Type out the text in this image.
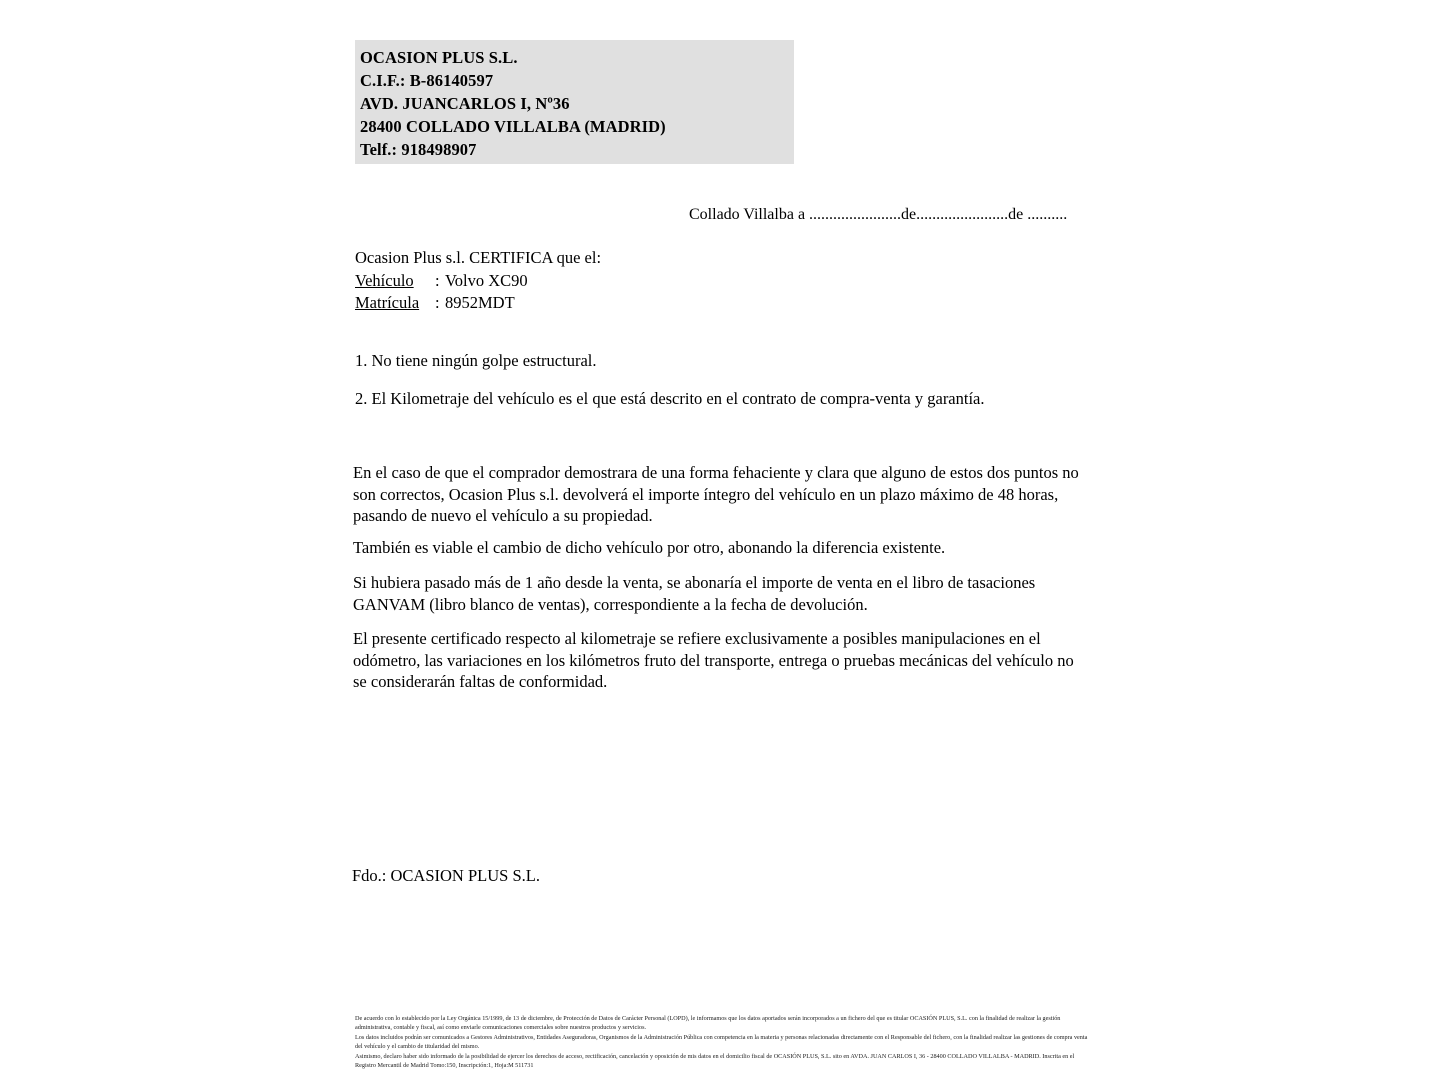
OCASION PLUS S.L.
C.I.F.: B-86140597
AVD. JUANCARLOS I, Nº36
28400 COLLADO VILLALBA (MADRID)
Telf.: 918498907
Collado Villalba a .......................de.......................de ..........
Ocasion Plus s.l. CERTIFICA que el:
Vehículo : Volvo XC90
Matrícula : 8952MDT
1. No tiene ningún golpe estructural.
2. El Kilometraje del vehículo es el que está descrito en el contrato de compra-venta y garantía.
En el caso de que el comprador demostrara de una forma fehaciente y clara que alguno de estos dos puntos no son correctos, Ocasion Plus s.l. devolverá el importe íntegro del vehículo en un plazo máximo de 48 horas, pasando de nuevo el vehículo a su propiedad.
También es viable el cambio de dicho vehículo por otro, abonando la diferencia existente.
Si hubiera pasado más de 1 año desde la venta, se abonaría el importe de venta en el libro de tasaciones GANVAM (libro blanco de ventas), correspondiente a la fecha de devolución.
El presente certificado respecto al kilometraje se refiere exclusivamente a posibles manipulaciones en el odómetro, las variaciones en los kilómetros fruto del transporte, entrega o pruebas mecánicas del vehículo no se considerarán faltas de conformidad.
Fdo.: OCASION PLUS S.L.

De acuerdo con lo establecido por la Ley Orgánica 15/1999, de 13 de diciembre, de Protección de Datos de Carácter Personal (LOPD), le informamos que los datos aportados serán incorporados a un fichero del que es titular OCASIÓN PLUS, S.L. con la finalidad de realizar la gestión administrativa, contable y fiscal, así como enviarle comunicaciones comerciales sobre nuestros productos y servicios.

Los datos incluidos podrán ser comunicados a Gestores Administrativos, Entidades Aseguradoras, Organismos de la Administración Pública con competencia en la materia y personas relacionadas directamente con el Responsable del fichero, con la finalidad realizar las gestiones de compra venta del vehículo y el cambio de titularidad del mismo.

Asimismo, declaro haber sido informado de la posibilidad de ejercer los derechos de acceso, rectificación, cancelación y oposición de mis datos en el domicilio fiscal de OCASIÓN PLUS, S.L. sito en AVDA. JUAN CARLOS I, 36 - 28400 COLLADO VILLALBA - MADRID. Inscrita en el Registro Mercantil de Madrid Tomo:150, Inscripción:1, Hoja:M 511731
